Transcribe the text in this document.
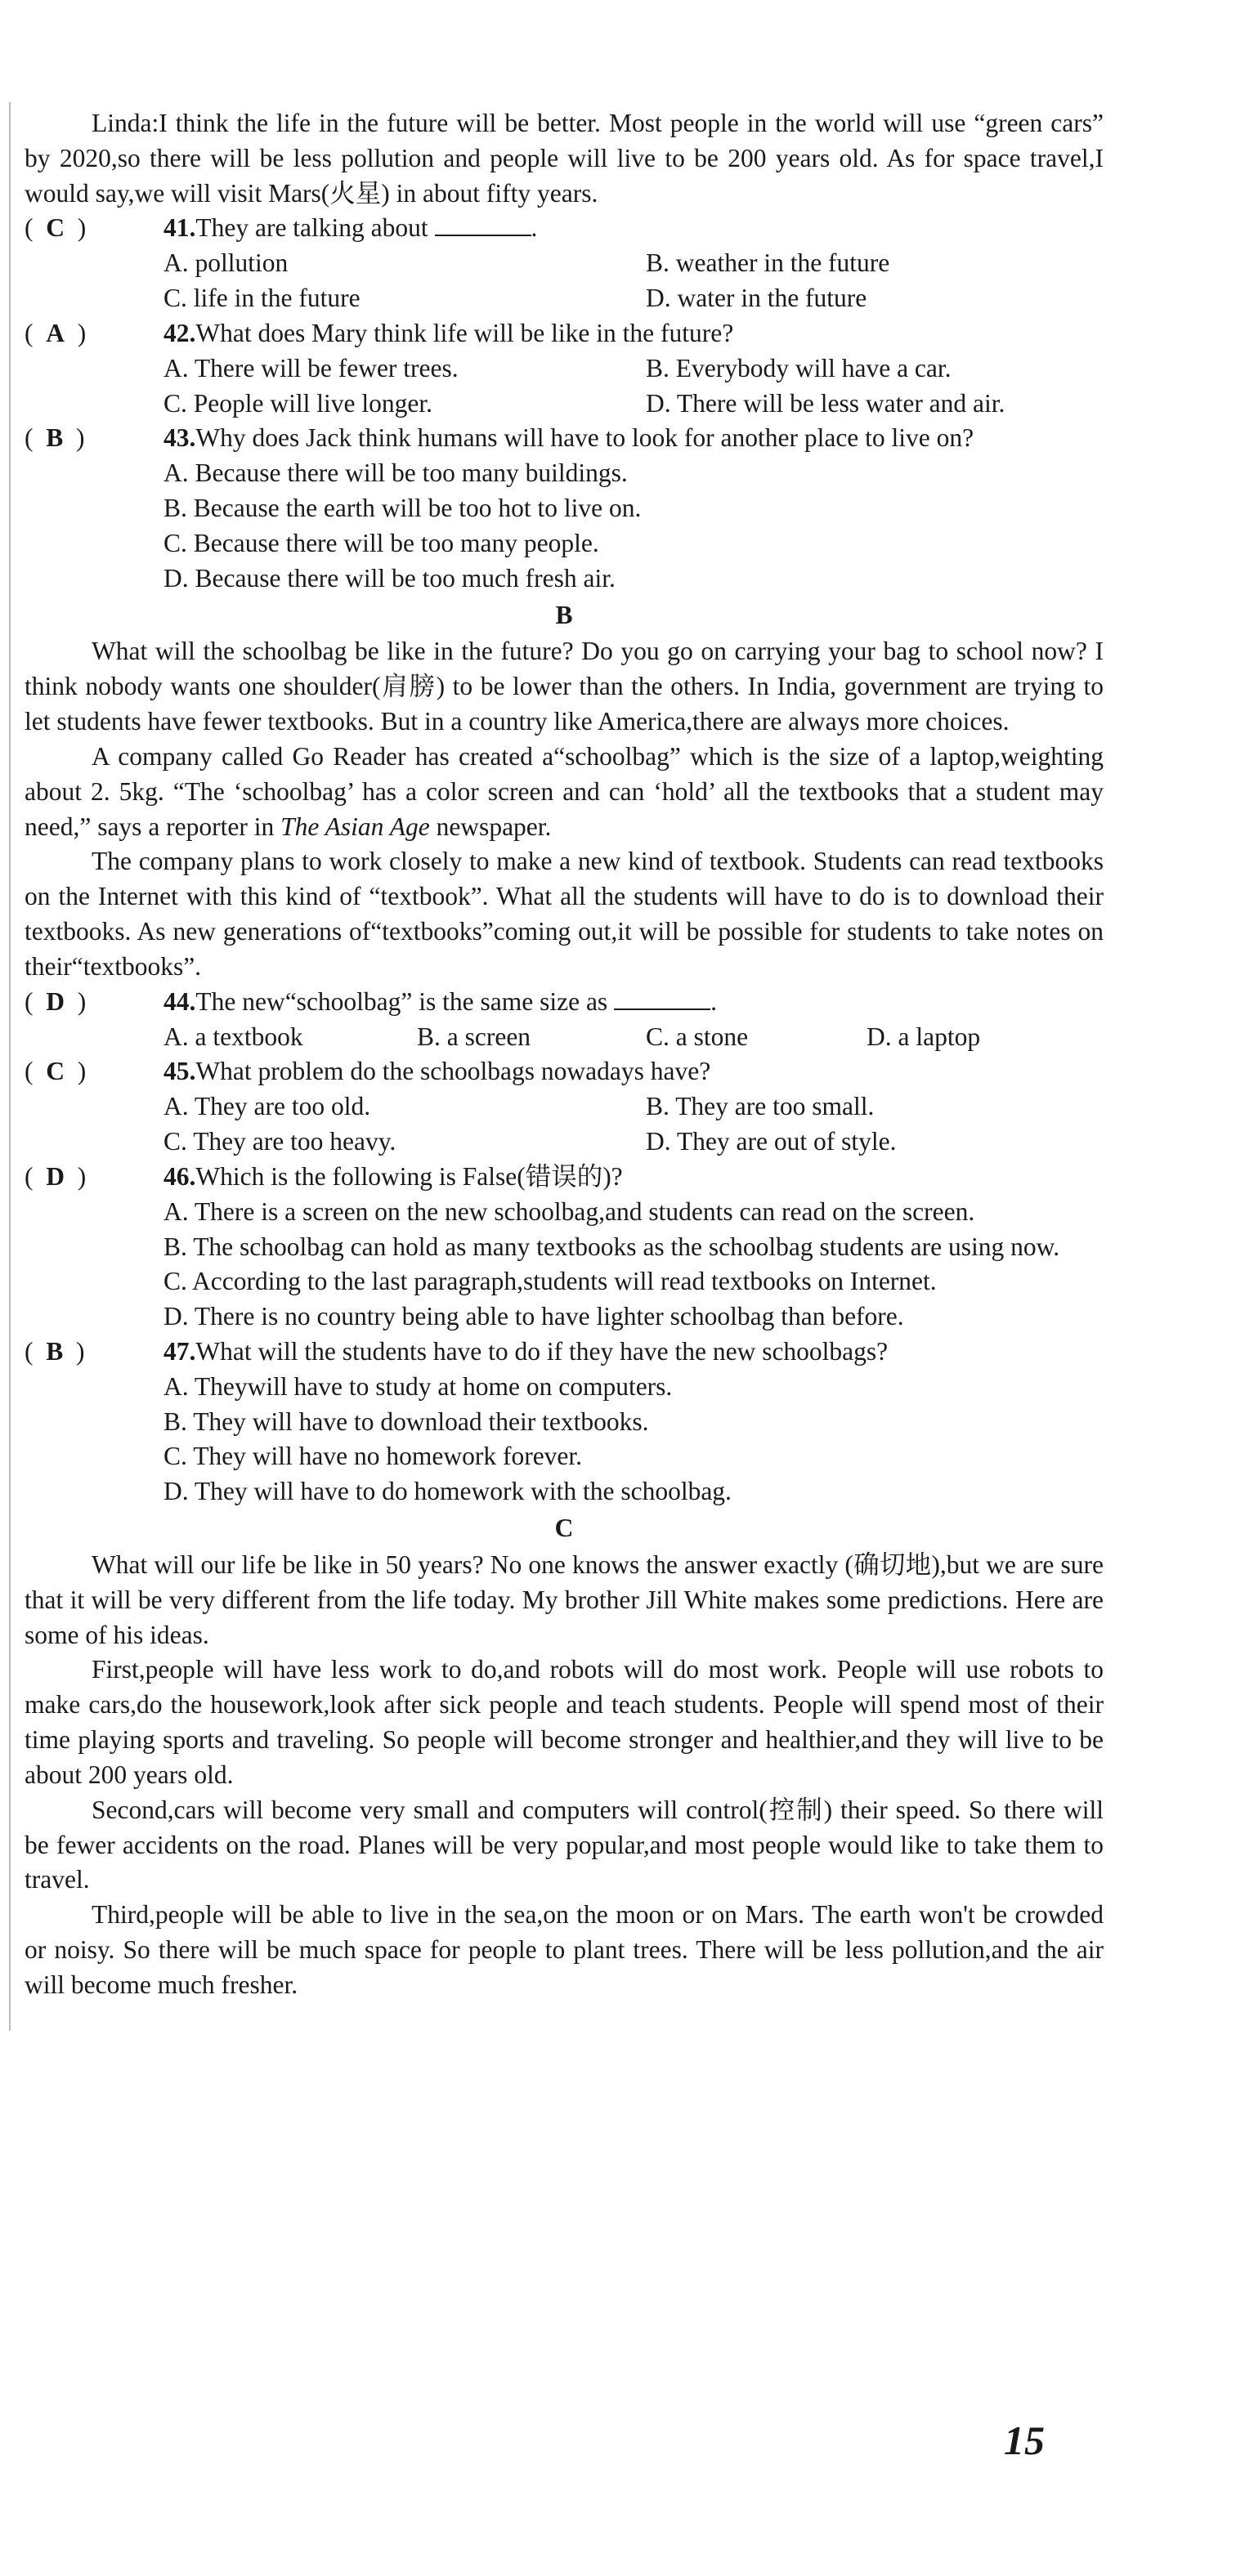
Linda:I think the life in the future will be better. Most people in the world will use “green cars” by 2020,so there will be less pollution and people will live to be 200 years old. As for space travel,I would say,we will visit Mars(火星) in about fifty years.

(  C  )	41.They are talking about	.
A. pollution	B. weather in the future
C. life in the future	D. water in the future
(  A  )	42.What does Mary think life will be like in the future?
A. There will be fewer trees.	B. Everybody will have a car.
C. People will live longer.	D. There will be less water and air.
(  B  )	43.Why does Jack think humans will have to look for another place to live on?

A. Because there will be too many buildings.

B. Because the earth will be too hot to live on.

C. Because there will be too many people.

D. Because there will be too much fresh air.

B

What will the schoolbag be like in the future? Do you go on carrying your bag to school now? I think nobody wants one shoulder(肩膀) to be lower than the others. In India, government are trying to let students have fewer textbooks. But in a country like America,there are always more choices.

A company called Go Reader has created a“schoolbag” which is the size of a laptop,weighting about 2. 5kg. “The ‘schoolbag’ has a color screen and can ‘hold’ all the textbooks that a student may need,” says a reporter in The Asian Age newspaper.

The company plans to work closely to make a new kind of textbook. Students can read textbooks on the Internet with this kind of “textbook”. What all the students will have to do is to download their textbooks. As new generations of“textbooks”coming out,it will be possible for students to take notes on their“textbooks”.

(  D  )	44.The new“schoolbag” is the same size as	.
A. a textbook	B. a screen	C. a stone	D. a laptop
(  C  )	45.What problem do the schoolbags nowadays have?
A. They are too old.	B. They are too small.
C. They are too heavy.	D. They are out of style.
(  D  )	46.Which is the following is False(错误的)?

A. There is a screen on the new schoolbag,and students can read on the screen.

B. The schoolbag can hold as many textbooks as the schoolbag students are using now.

C. According to the last paragraph,students will read textbooks on Internet.

D. There is no country being able to have lighter schoolbag than before.

(  B  )	47.What will the students have to do if they have the new schoolbags?

A. Theywill have to study at home on computers.

B. They will have to download their textbooks.

C. They will have no homework forever.

D. They will have to do homework with the schoolbag.

C

What will our life be like in 50 years? No one knows the answer exactly (确切地),but we are sure that it will be very different from the life today. My brother Jill White makes some predictions. Here are some of his ideas.

First,people will have less work to do,and robots will do most work. People will use robots to make cars,do the housework,look after sick people and teach students. People will spend most of their time playing sports and traveling. So people will become stronger and healthier,and they will live to be about 200 years old.

Second,cars will become very small and computers will control(控制) their speed. So there will be fewer accidents on the road. Planes will be very popular,and most people would like to take them to travel.

Third,people will be able to live in the sea,on the moon or on Mars. The earth won't be crowded or noisy. So there will be much space for people to plant trees. There will be less pollution,and the air will become much fresher.

15
